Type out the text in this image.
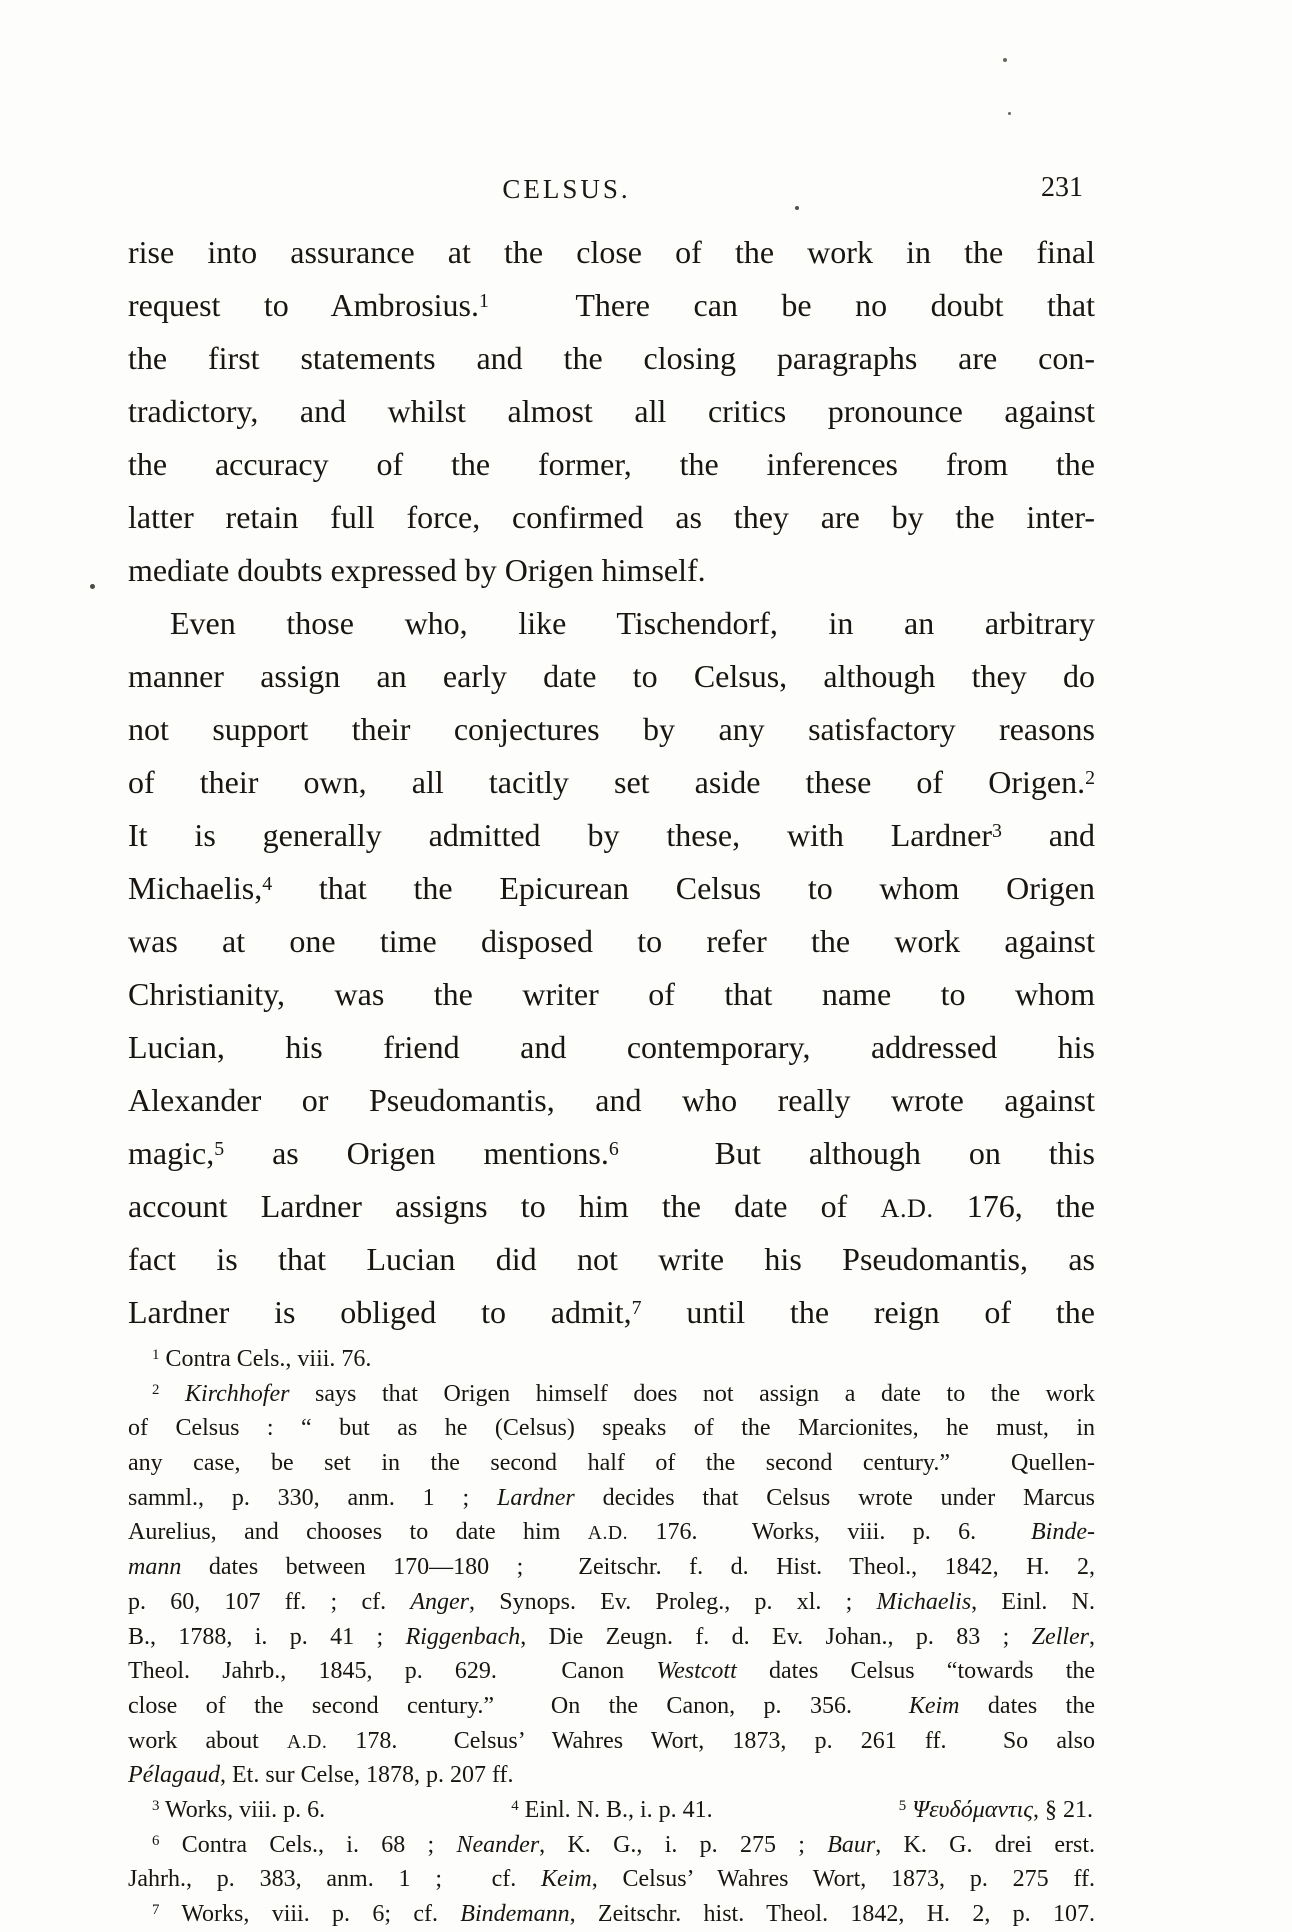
CELSUS.	231
rise into assurance at the close of the work in the final
request to Ambrosius.$^1$  There can be no doubt that
the first statements and the closing paragraphs are con-
tradictory, and whilst almost all critics pronounce against
the accuracy of the former, the inferences from the
latter retain full force, confirmed as they are by the inter-
mediate doubts expressed by Origen himself.
Even those who, like Tischendorf, in an arbitrary
manner assign an early date to Celsus, although they do
not support their conjectures by any satisfactory reasons
of their own, all tacitly set aside these of Origen.$^2$
It is generally admitted by these, with Lardner$^3$ and
Michaelis,$^4$ that the Epicurean Celsus to whom Origen
was at one time disposed to refer the work against
Christianity, was the writer of that name to whom
Lucian, his friend and contemporary, addressed his
Alexander or Pseudomantis, and who really wrote against
magic,$^5$ as Origen mentions.$^6$  But although on this
account Lardner assigns to him the date of A.D. 176, the
fact is that Lucian did not write his Pseudomantis, as
Lardner is obliged to admit,$^7$ until the reign of the
$^1$ Contra Cels., viii. 76.
$^2$ Kirchhofer says that Origen himself does not assign a date to the work
of Celsus : “ but as he (Celsus) speaks of the Marcionites, he must, in
any case, be set in the second half of the second century.”  Quellen-
samml., p. 330, anm. 1 ; Lardner decides that Celsus wrote under Marcus
Aurelius, and chooses to date him A.D. 176.  Works, viii. p. 6.  Binde-
mann dates between 170—180 ;  Zeitschr. f. d. Hist. Theol., 1842, H. 2,
p. 60, 107 ff. ; cf. Anger, Synops. Ev. Proleg., p. xl. ; Michaelis, Einl. N.
B., 1788, i. p. 41 ; Riggenbach, Die Zeugn. f. d. Ev. Johan., p. 83 ; Zeller,
Theol. Jahrb., 1845, p. 629.  Canon Westcott dates Celsus “towards the
close of the second century.”  On the Canon, p. 356.  Keim dates the
work about A.D. 178.  Celsus’ Wahres Wort, 1873, p. 261 ff.  So also
Pélagaud, Et. sur Celse, 1878, p. 207 ff.
$^3$ Works, viii. p. 6.	$^4$ Einl. N. B., i. p. 41.	$^5$ Ψευδόμαντις, § 21.
$^6$ Contra Cels., i. 68 ; Neander, K. G., i. p. 275 ; Baur, K. G. drei erst.
Jahrh., p. 383, anm. 1 ;  cf. Keim, Celsus’ Wahres Wort, 1873, p. 275 ff.
$^7$ Works, viii. p. 6; cf. Bindemann, Zeitschr. hist. Theol. 1842, H. 2, p. 107.
